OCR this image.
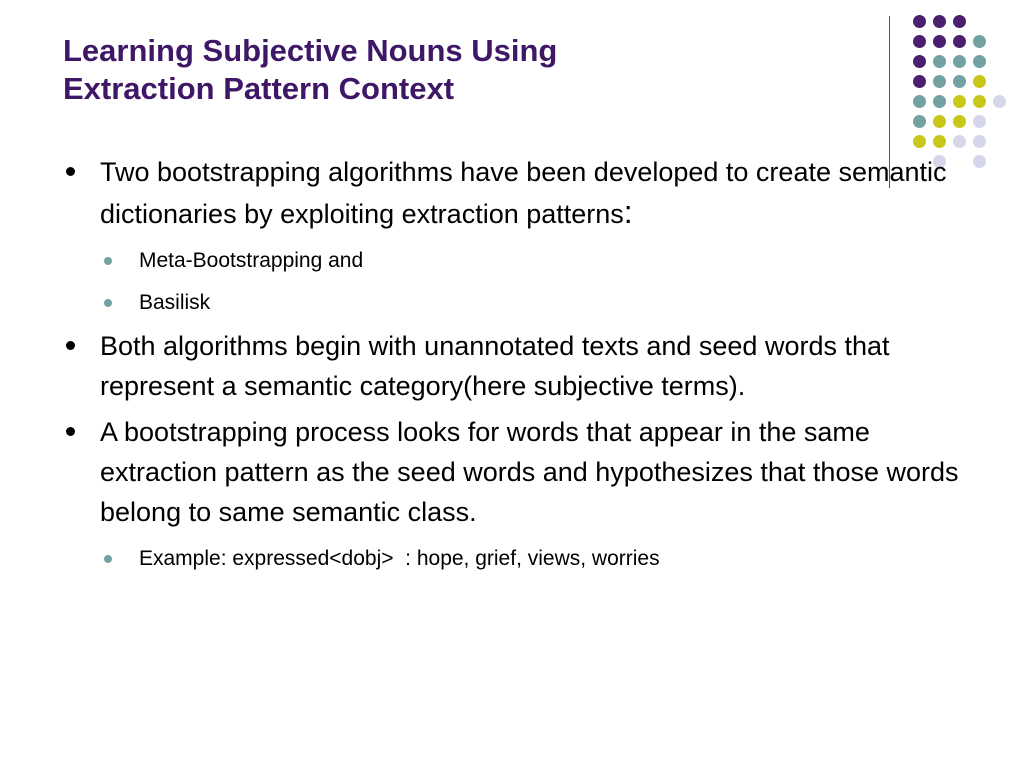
Learning Subjective Nouns Using
Extraction Pattern Context
Two bootstrapping algorithms have been developed to create semantic dictionaries by exploiting extraction patterns:
Meta-Bootstrapping and
Basilisk
Both algorithms begin with unannotated texts and seed words that represent a semantic category(here subjective terms).
A bootstrapping process looks for words that appear in the same extraction pattern as the seed words and hypothesizes that those words belong to same semantic class.
Example: expressed<dobj>  : hope, grief, views, worries
